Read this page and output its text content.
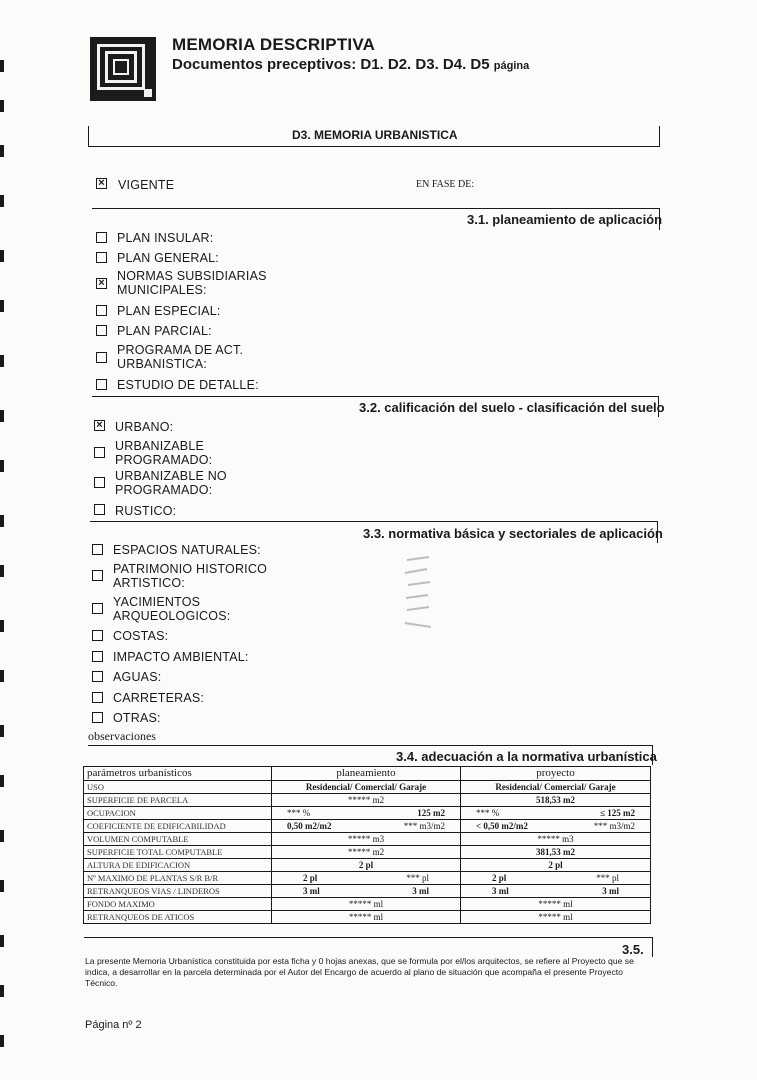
MEMORIA DESCRIPTIVA
Documentos preceptivos: D1. D2. D3. D4. D5 página
D3. MEMORIA URBANISTICA
× VIGENTE	EN FASE DE:
3.1. planeamiento de aplicación
PLAN INSULAR:
PLAN GENERAL:
× NORMAS SUBSIDIARIAS
MUNICIPALES:
PLAN ESPECIAL:
PLAN PARCIAL:
PROGRAMA DE ACT.
URBANISTICA:
ESTUDIO DE DETALLE:
3.2. calificación del suelo - clasificación del suelo
× URBANO:
URBANIZABLE
PROGRAMADO:
URBANIZABLE NO
PROGRAMADO:
RUSTICO:
3.3. normativa básica y sectoriales de aplicación
ESPACIOS NATURALES:
PATRIMONIO HISTORICO
ARTISTICO:
YACIMIENTOS
ARQUEOLOGICOS:
COSTAS:
IMPACTO AMBIENTAL:
AGUAS:
CARRETERAS:
OTRAS:
observaciones
3.4. adecuación a la normativa urbanística
parámetros urbanísticos	planeamiento	proyecto
USO	Residencial/ Comercial/ Garaje	Residencial/ Comercial/ Garaje
SUPERFICIE DE PARCELA	***** m2	518,53 m2
OCUPACION	*** % 125 m2	*** % ≤ 125 m2

COEFICIENTE DE EDIFICABILIDAD	0,50 m2/m2 *** m3/m2	< 0,50 m2/m2 *** m3/m2

VOLUMEN COMPUTABLE	***** m3	***** m3
SUPERFICIE TOTAL COMPUTABLE	***** m2	381,53 m2
ALTURA DE EDIFICACION	2 pl	2 pl
Nº MAXIMO DE PLANTAS S/R B/R	2 pl *** pl	2 pl *** pl

RETRANQUEOS VIAS / LINDEROS	3 ml 3 ml	3 ml 3 ml

FONDO MAXIMO	***** ml	***** ml
RETRANQUEOS DE ATICOS	***** ml	***** ml
3.5.
La presente Memoria Urbanística constituida por esta ficha y 0 hojas anexas, que se formula por el/los arquitectos, se refiere al Proyecto que se indica, a desarrollar en la parcela determinada por el Autor del Encargo de acuerdo al plano de situación que acompaña el presente Proyecto Técnico.
Página nº 2
